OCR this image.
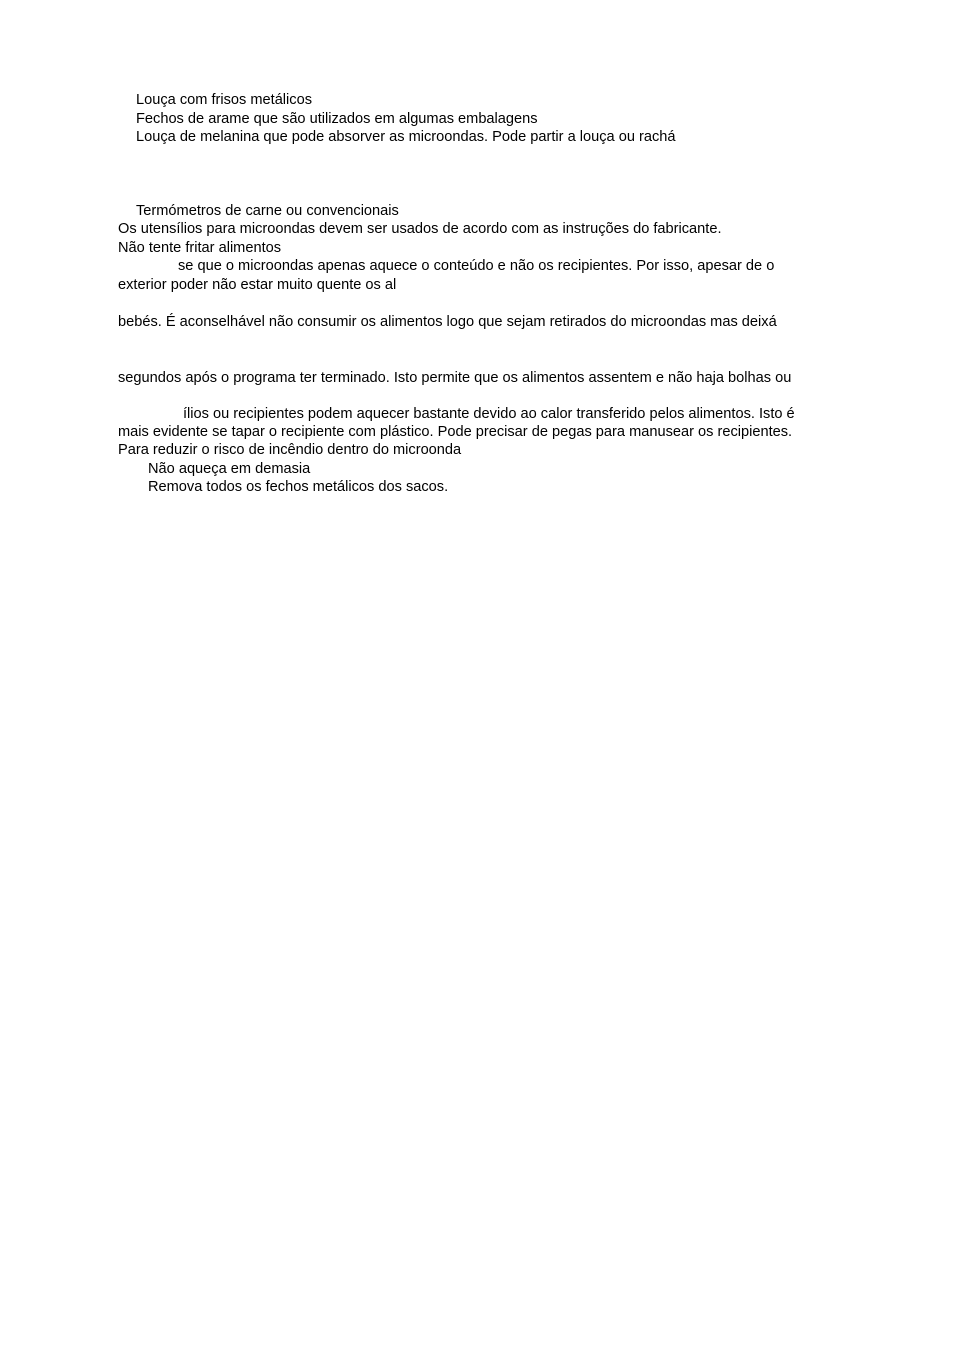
Louça com frisos metálicos
Fechos de arame que são utilizados em algumas embalagens
Louça de melanina que pode absorver as microondas. Pode partir a louça ou rachá
Termómetros de carne ou convencionais
Os utensílios para microondas devem ser usados de acordo com as instruções do fabricante.
Não tente fritar alimentos
se que o microondas apenas aquece o conteúdo e não os recipientes. Por isso, apesar de o
exterior poder não estar muito quente os al
bebés. É aconselhável não consumir os alimentos logo que sejam retirados do microondas mas deixá
segundos após o programa ter terminado. Isto permite que os alimentos assentem e não haja bolhas ou
ílios ou recipientes podem aquecer bastante devido ao calor transferido pelos alimentos. Isto é
mais evidente se tapar o recipiente com plástico. Pode precisar de pegas para manusear os recipientes.
Para reduzir o risco de incêndio dentro do microonda
Não aqueça em demasia
Remova todos os fechos metálicos dos sacos.
